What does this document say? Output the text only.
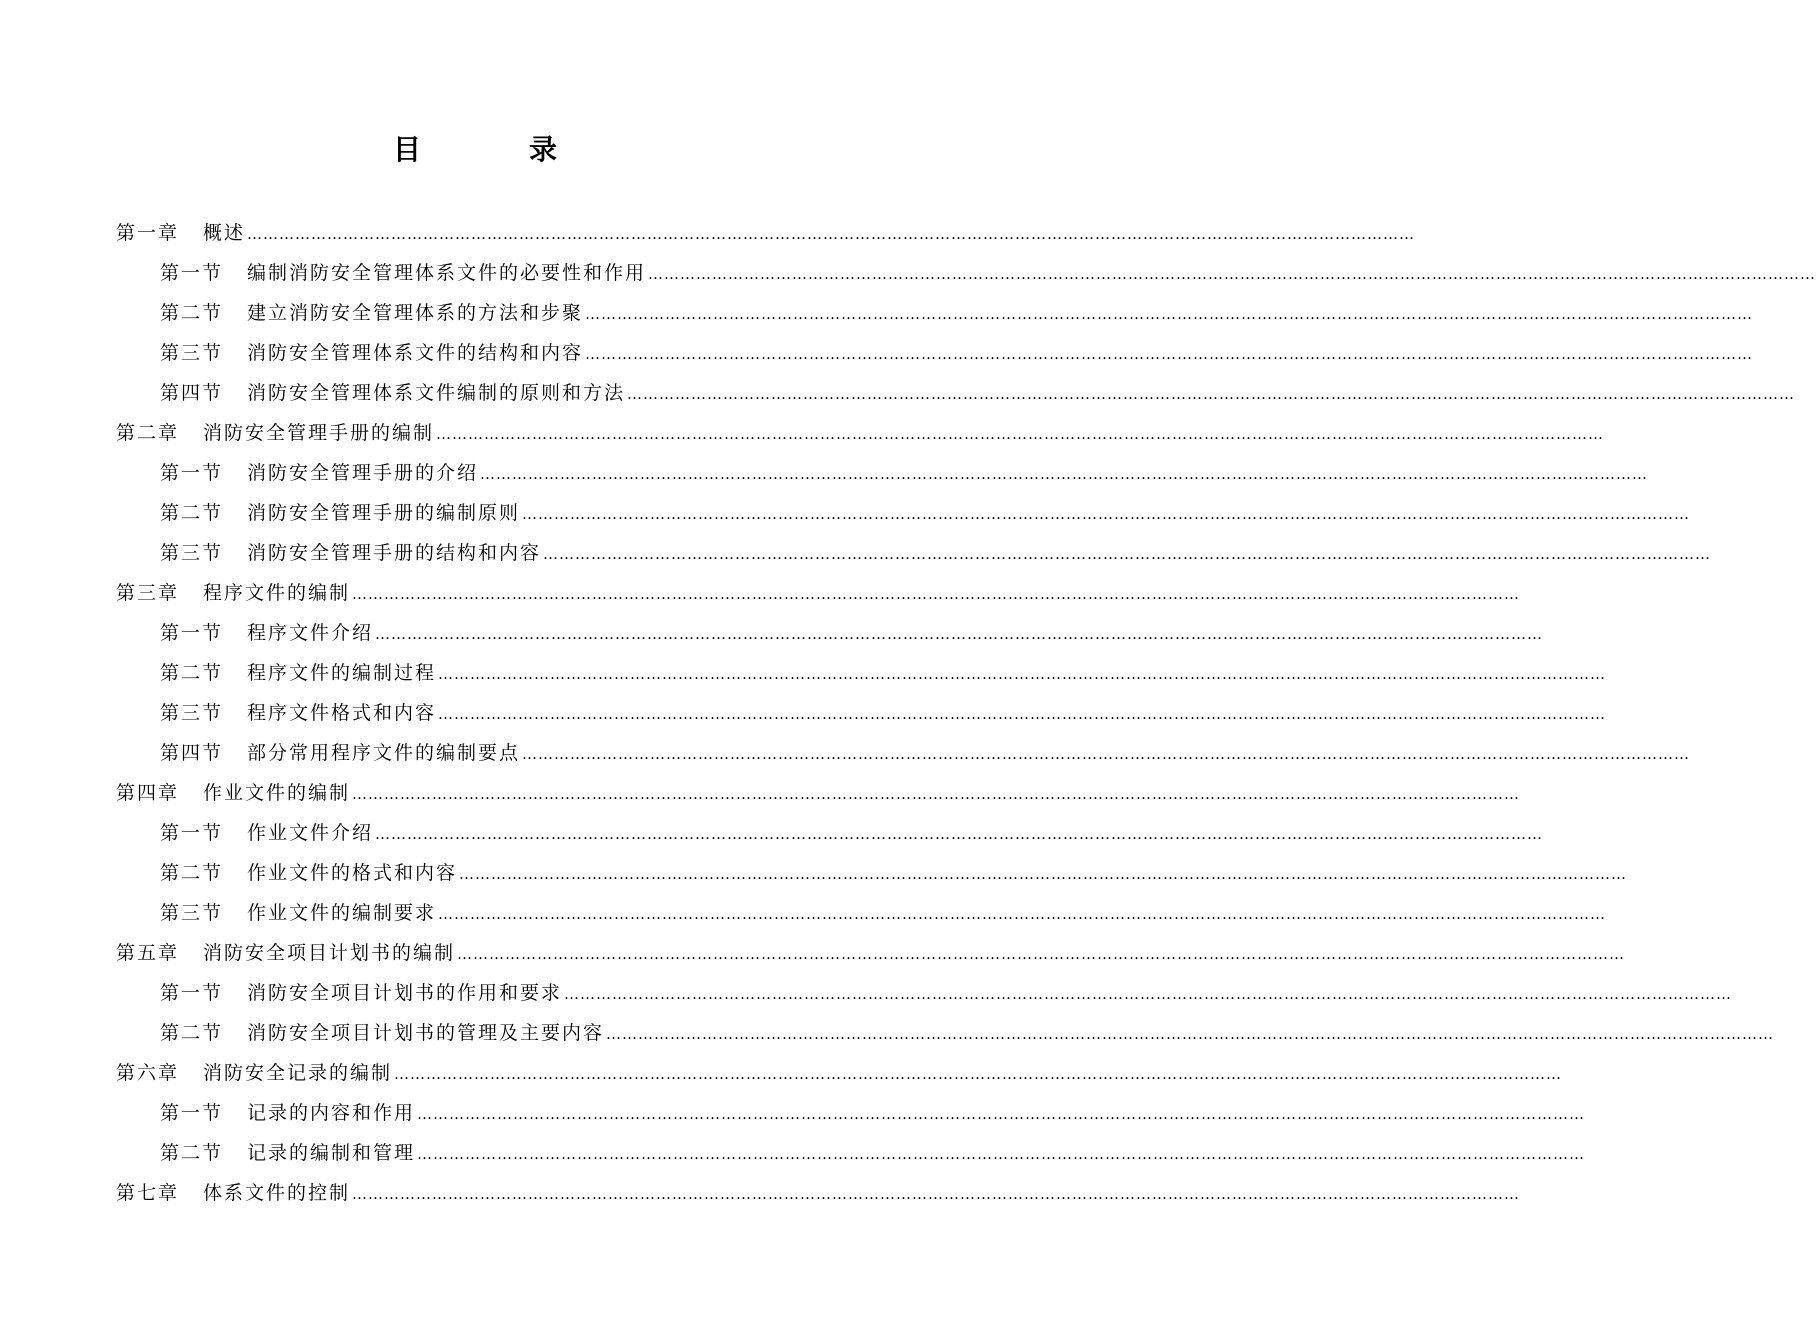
目　录
第一章 概述 …………………………………………………………………………………………………………………………………………………………………………………………………
第一节 编制消防安全管理体系文件的必要性和作用 …………………………………………………………………………………………………………………………………………………………………………………………………
第二节 建立消防安全管理体系的方法和步聚 …………………………………………………………………………………………………………………………………………………………………………………………………
第三节 消防安全管理体系文件的结构和内容 …………………………………………………………………………………………………………………………………………………………………………………………………
第四节 消防安全管理体系文件编制的原则和方法 …………………………………………………………………………………………………………………………………………………………………………………………………
第二章 消防安全管理手册的编制 …………………………………………………………………………………………………………………………………………………………………………………………………
第一节 消防安全管理手册的介绍 …………………………………………………………………………………………………………………………………………………………………………………………………
第二节 消防安全管理手册的编制原则 …………………………………………………………………………………………………………………………………………………………………………………………………
第三节 消防安全管理手册的结构和内容 …………………………………………………………………………………………………………………………………………………………………………………………………
第三章 程序文件的编制 …………………………………………………………………………………………………………………………………………………………………………………………………
第一节 程序文件介绍 …………………………………………………………………………………………………………………………………………………………………………………………………
第二节 程序文件的编制过程 …………………………………………………………………………………………………………………………………………………………………………………………………
第三节 程序文件格式和内容 …………………………………………………………………………………………………………………………………………………………………………………………………
第四节 部分常用程序文件的编制要点 …………………………………………………………………………………………………………………………………………………………………………………………………
第四章 作业文件的编制 …………………………………………………………………………………………………………………………………………………………………………………………………
第一节 作业文件介绍 …………………………………………………………………………………………………………………………………………………………………………………………………
第二节 作业文件的格式和内容 …………………………………………………………………………………………………………………………………………………………………………………………………
第三节 作业文件的编制要求 …………………………………………………………………………………………………………………………………………………………………………………………………
第五章 消防安全项目计划书的编制 …………………………………………………………………………………………………………………………………………………………………………………………………
第一节 消防安全项目计划书的作用和要求 …………………………………………………………………………………………………………………………………………………………………………………………………
第二节 消防安全项目计划书的管理及主要内容 …………………………………………………………………………………………………………………………………………………………………………………………………
第六章 消防安全记录的编制 …………………………………………………………………………………………………………………………………………………………………………………………………
第一节 记录的内容和作用 …………………………………………………………………………………………………………………………………………………………………………………………………
第二节 记录的编制和管理 …………………………………………………………………………………………………………………………………………………………………………………………………
第七章 体系文件的控制 …………………………………………………………………………………………………………………………………………………………………………………………………
